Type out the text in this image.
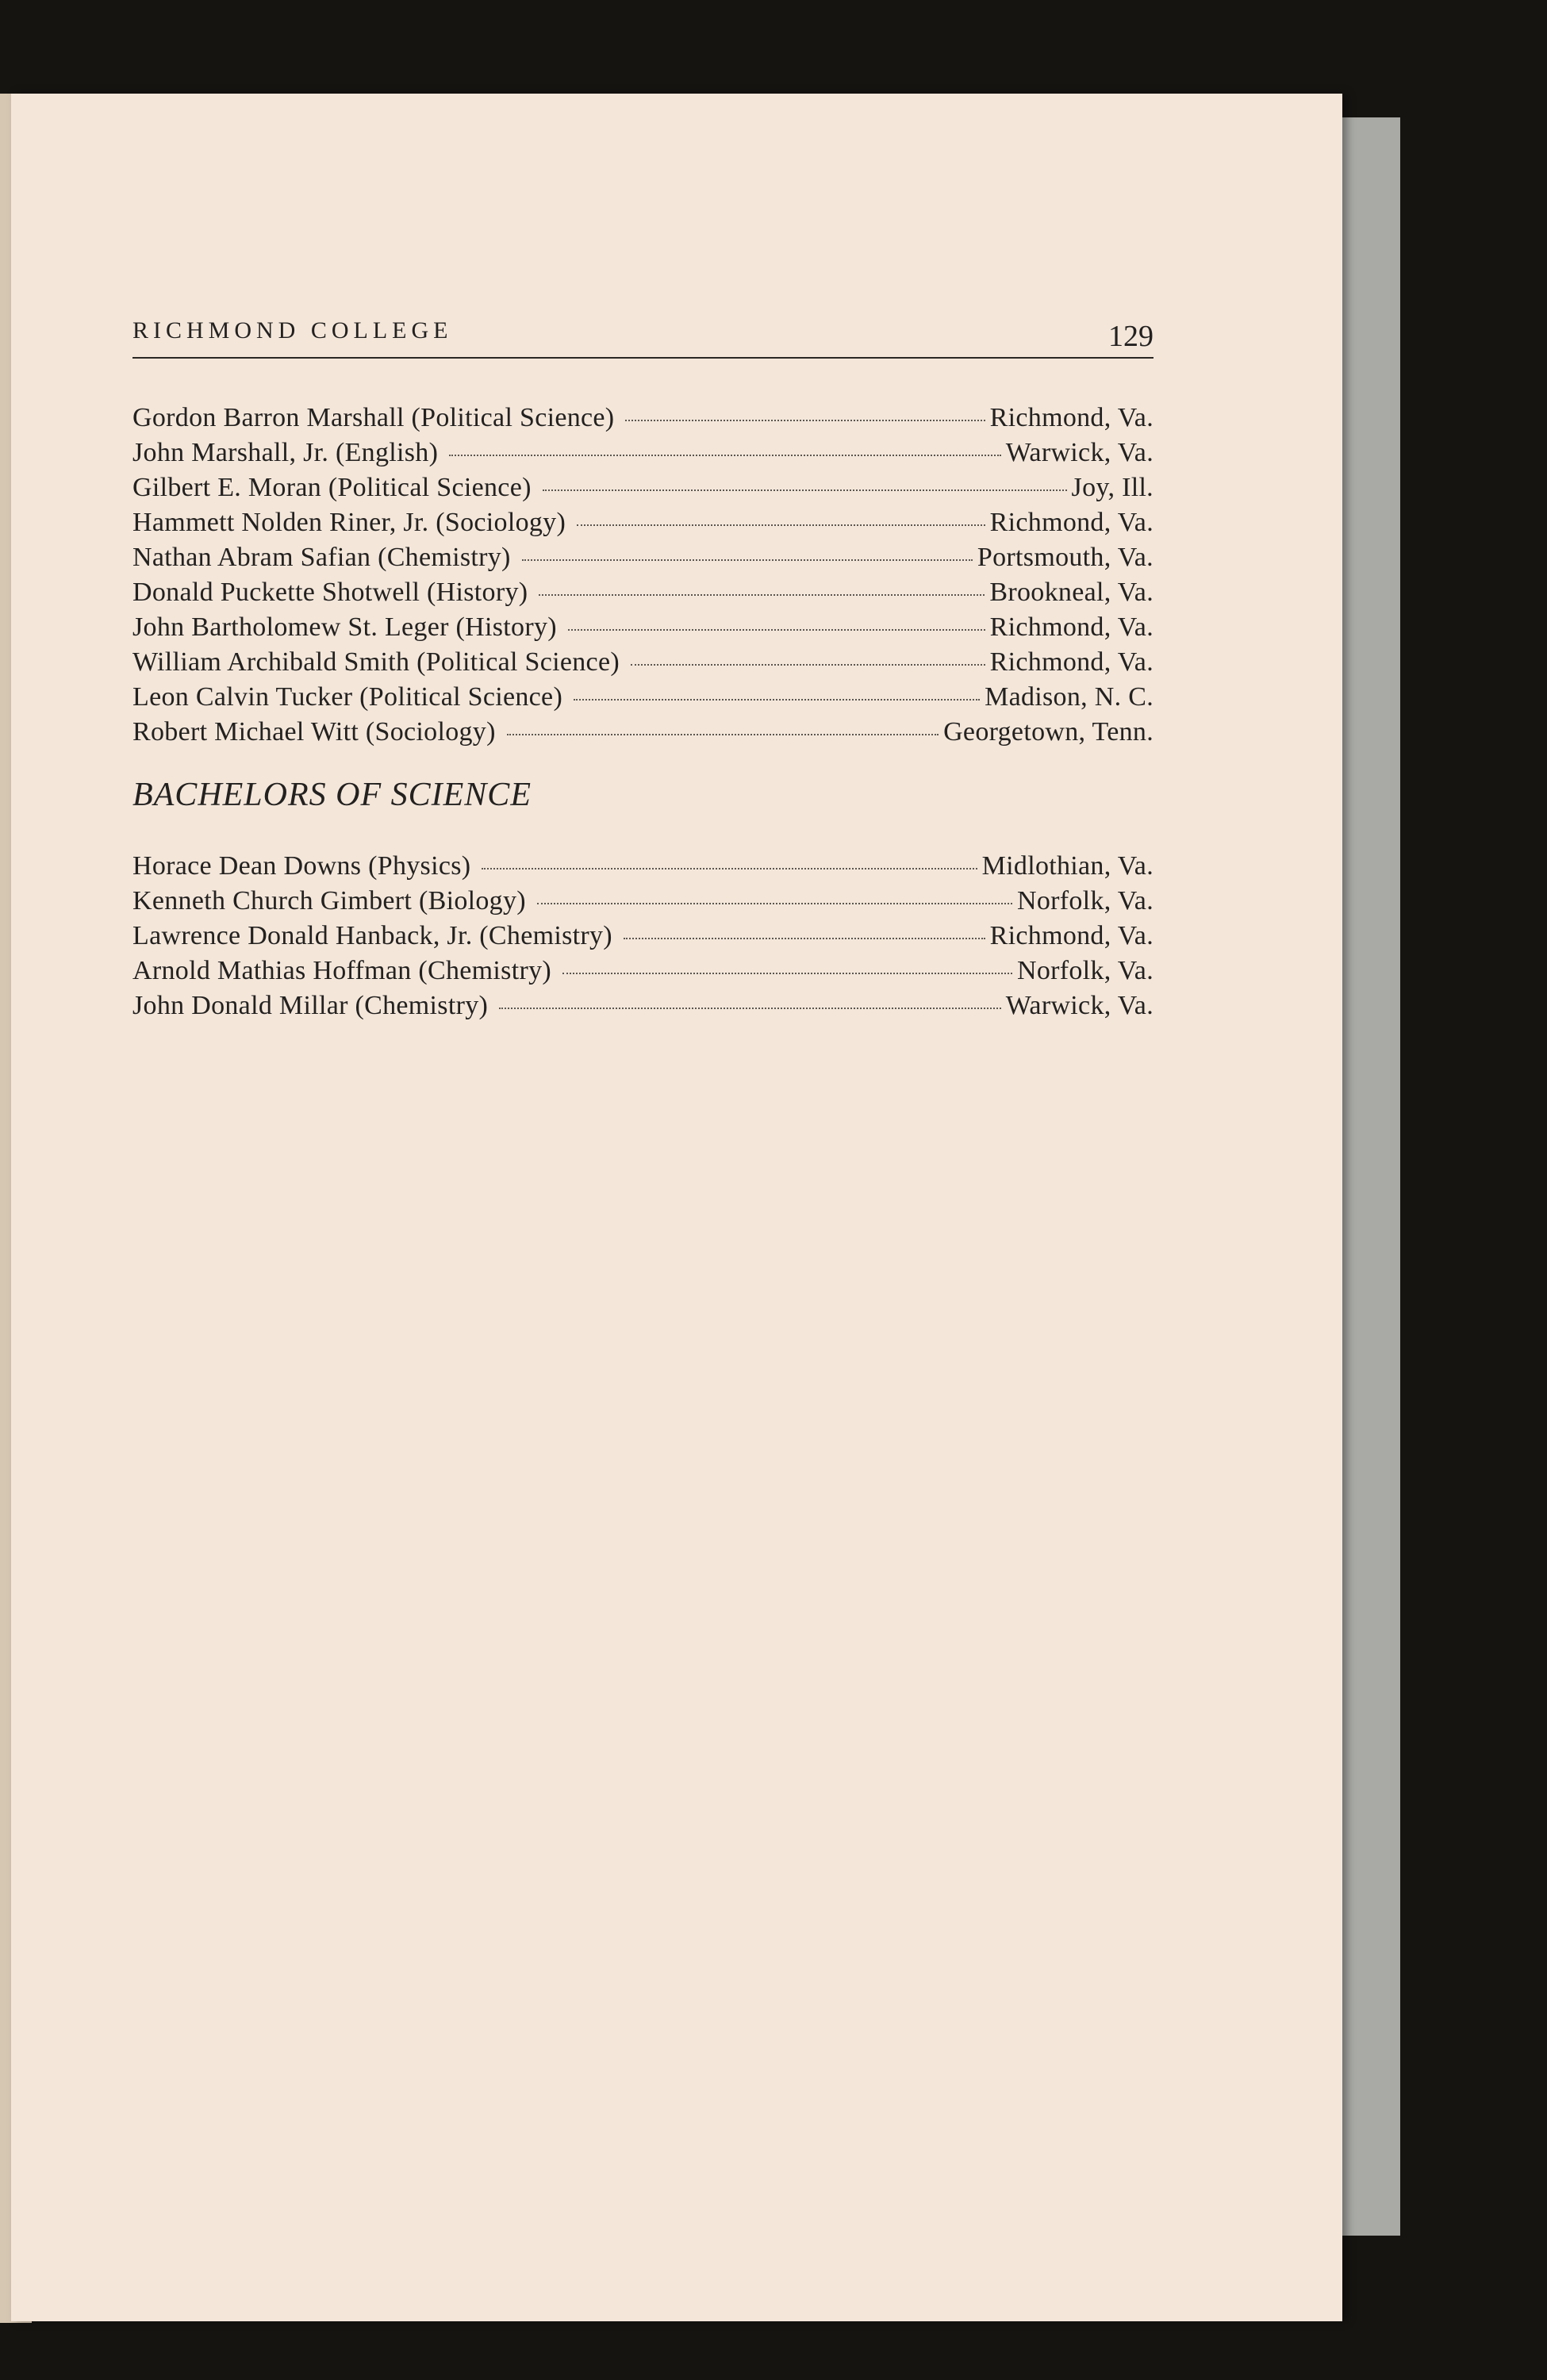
RICHMOND COLLEGE	129
Gordon Barron Marshall (Political Science)	Richmond, Va.
John Marshall, Jr. (English)	Warwick, Va.
Gilbert E. Moran (Political Science)	Joy, Ill.
Hammett Nolden Riner, Jr. (Sociology)	Richmond, Va.
Nathan Abram Safian (Chemistry)	Portsmouth, Va.
Donald Puckette Shotwell (History)	Brookneal, Va.
John Bartholomew St. Leger (History)	Richmond, Va.
William Archibald Smith (Political Science)	Richmond, Va.
Leon Calvin Tucker (Political Science)	Madison, N. C.
Robert Michael Witt (Sociology)	Georgetown, Tenn.
BACHELORS OF SCIENCE
Horace Dean Downs (Physics)	Midlothian, Va.
Kenneth Church Gimbert (Biology)	Norfolk, Va.
Lawrence Donald Hanback, Jr. (Chemistry)	Richmond, Va.
Arnold Mathias Hoffman (Chemistry)	Norfolk, Va.
John Donald Millar (Chemistry)	Warwick, Va.
